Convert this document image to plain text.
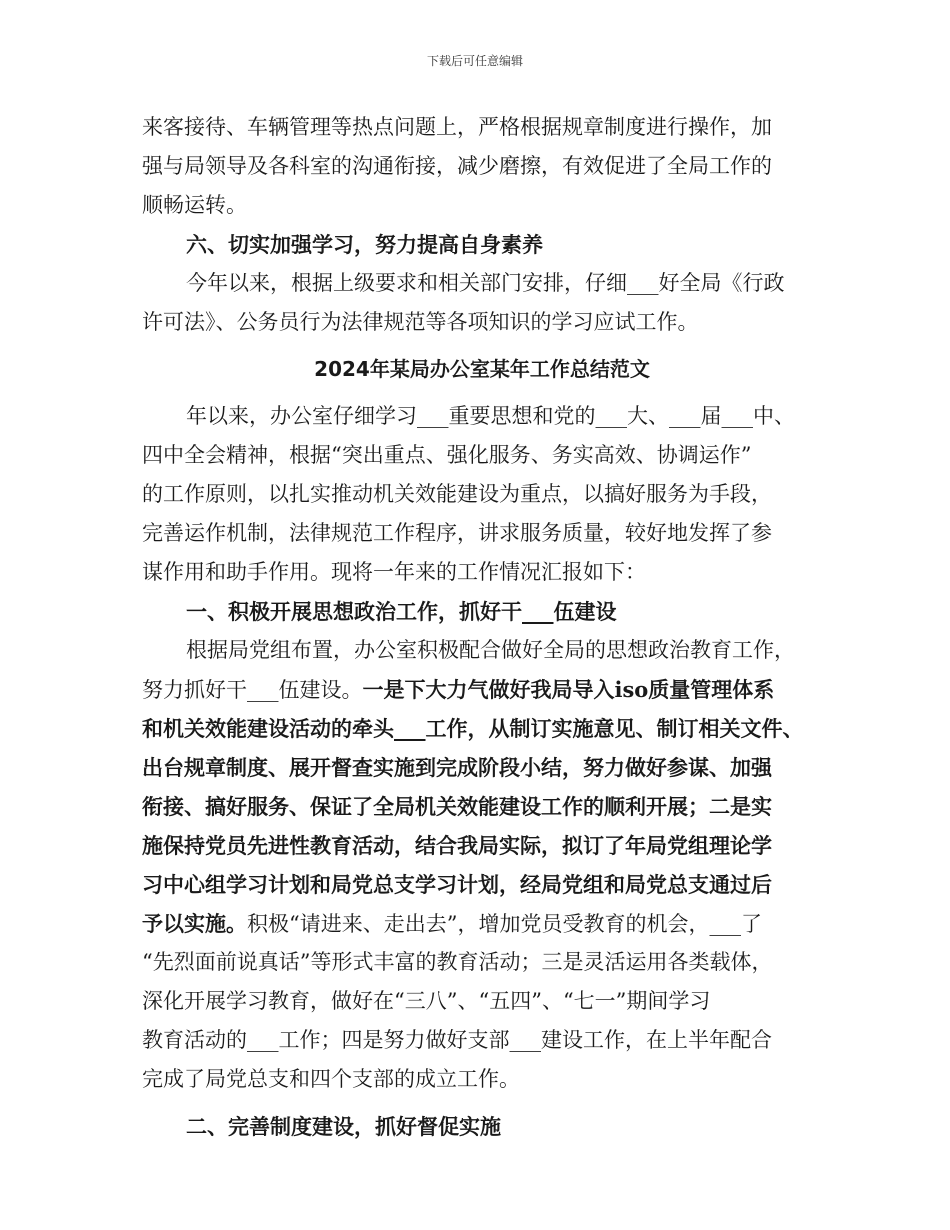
下载后可任意编辑
来客接待、车辆管理等热点问题上，严格根据规章制度进行操作，加
强与局领导及各科室的沟通衔接，减少磨擦，有效促进了全局工作的
顺畅运转。
六、切实加强学习，努力提高自身素养
今年以来，根据上级要求和相关部门安排，仔细___好全局《行政
许可法》、公务员行为法律规范等各项知识的学习应试工作。
2024年某局办公室某年工作总结范文
年以来，办公室仔细学习___重要思想和党的___大、___届___中、
四中全会精神，根据“突出重点、强化服务、务实高效、协调运作”
的工作原则，以扎实推动机关效能建设为重点，以搞好服务为手段，
完善运作机制，法律规范工作程序，讲求服务质量，较好地发挥了参
谋作用和助手作用。现将一年来的工作情况汇报如下：
一、积极开展思想政治工作，抓好干___伍建设
根据局党组布置，办公室积极配合做好全局的思想政治教育工作，
努力抓好干___伍建设。一是下大力气做好我局导入iso质量管理体系
和机关效能建设活动的牵头___工作，从制订实施意见、制订相关文件、
出台规章制度、展开督查实施到完成阶段小结，努力做好参谋、加强
衔接、搞好服务、保证了全局机关效能建设工作的顺利开展；二是实
施保持党员先进性教育活动，结合我局实际，拟订了年局党组理论学
习中心组学习计划和局党总支学习计划，经局党组和局党总支通过后
予以实施。积极“请进来、走出去”，增加党员受教育的机会，___了
“先烈面前说真话”等形式丰富的教育活动；三是灵活运用各类载体，
深化开展学习教育，做好在“三八”、“五四”、“七一”期间学习
教育活动的___工作；四是努力做好支部___建设工作，在上半年配合
完成了局党总支和四个支部的成立工作。
二、完善制度建设，抓好督促实施
